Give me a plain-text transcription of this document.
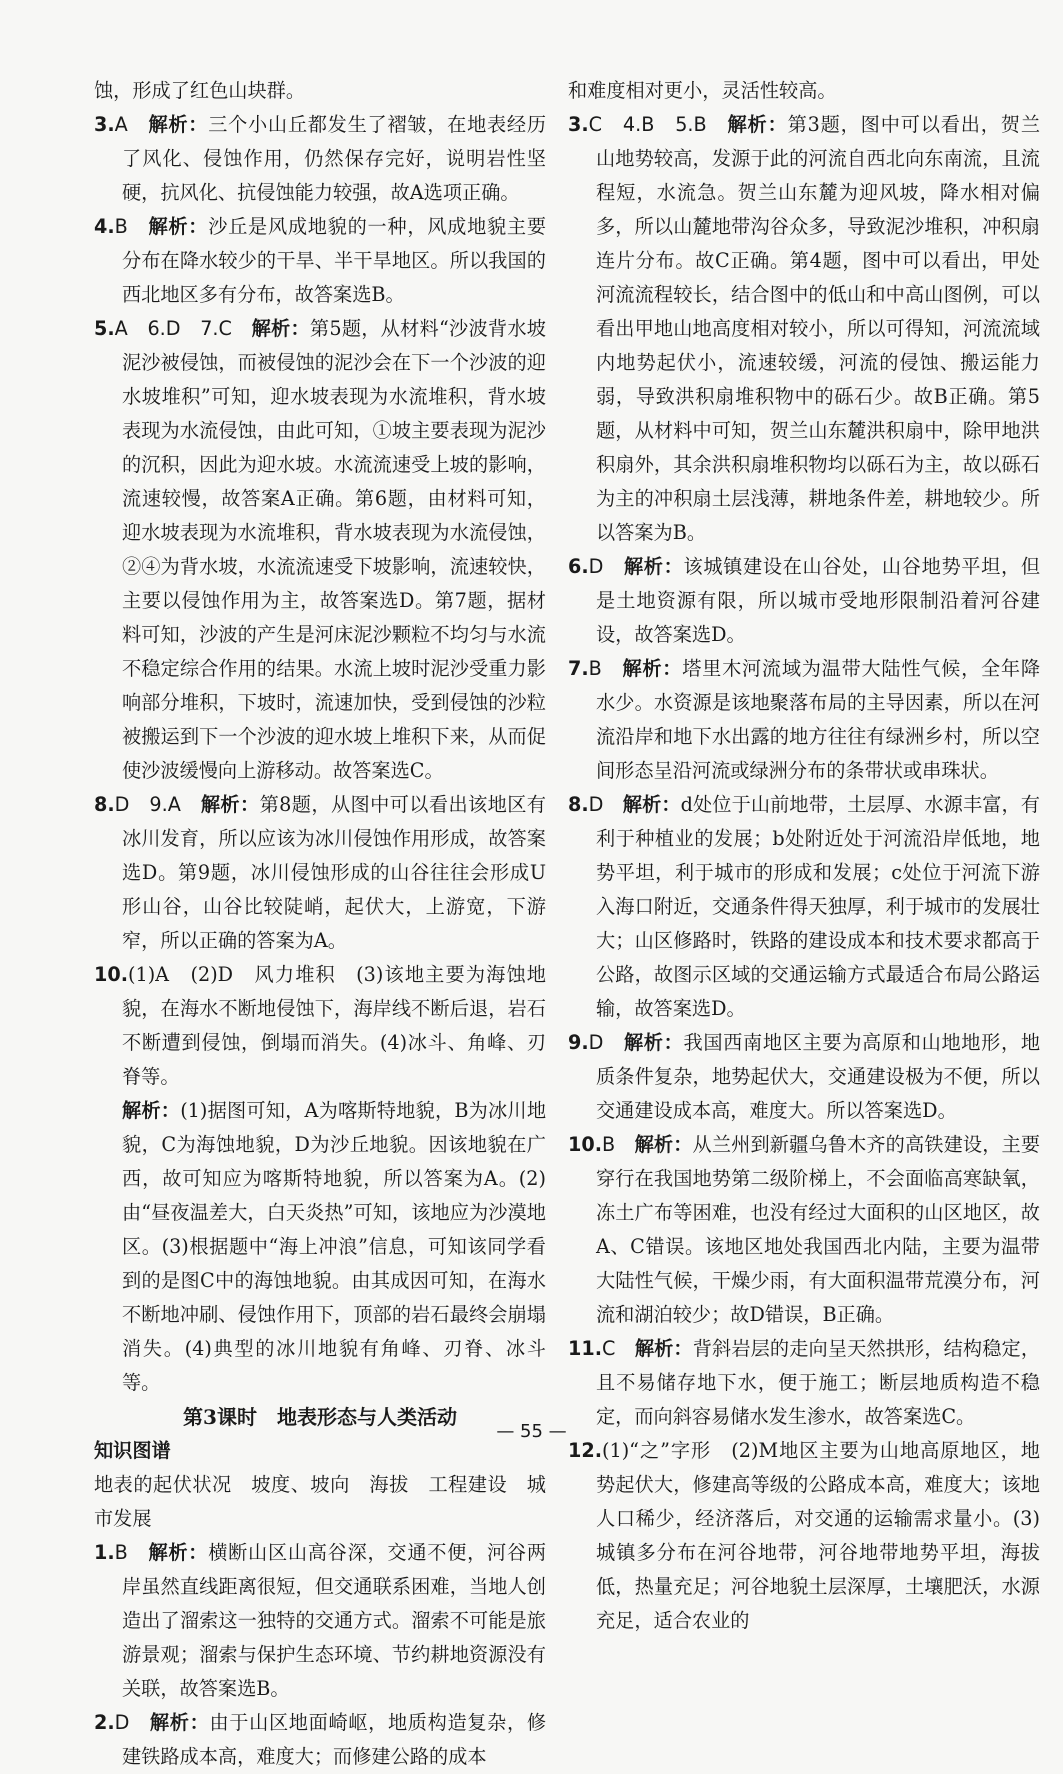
蚀，形成了红色山块群。

3.A　 解析：三个小山丘都发生了褶皱，在地表经历了风化、侵蚀作用，仍然保存完好，说明岩性坚硬，抗风化、抗侵蚀能力较强，故A选项正确。

4.B　 解析：沙丘是风成地貌的一种，风成地貌主要分布在降水较少的干旱、半干旱地区。所以我国的西北地区多有分布，故答案选B。

5.A　6.D　7.C　 解析：第5题，从材料“沙波背水坡泥沙被侵蚀，而被侵蚀的泥沙会在下一个沙波的迎水坡堆积”可知，迎水坡表现为水流堆积，背水坡表现为水流侵蚀，由此可知，①坡主要表现为泥沙的沉积，因此为迎水坡。水流流速受上坡的影响，流速较慢，故答案A正确。第6题，由材料可知，迎水坡表现为水流堆积，背水坡表现为水流侵蚀，②④为背水坡，水流流速受下坡影响，流速较快，主要以侵蚀作用为主，故答案选D。第7题，据材料可知，沙波的产生是河床泥沙颗粒不均匀与水流不稳定综合作用的结果。水流上坡时泥沙受重力影响部分堆积，下坡时，流速加快，受到侵蚀的沙粒被搬运到下一个沙波的迎水坡上堆积下来，从而促使沙波缓慢向上游移动。故答案选C。

8.D　9.A　 解析：第8题，从图中可以看出该地区有冰川发育，所以应该为冰川侵蚀作用形成，故答案选D。第9题，冰川侵蚀形成的山谷往往会形成U形山谷，山谷比较陡峭，起伏大，上游宽，下游窄，所以正确的答案为A。

10.(1)A　(2)D　风力堆积　(3)该地主要为海蚀地貌，在海水不断地侵蚀下，海岸线不断后退，岩石不断遭到侵蚀，倒塌而消失。(4)冰斗、角峰、刃脊等。

解析：(1)据图可知，A为喀斯特地貌，B为冰川地貌，C为海蚀地貌，D为沙丘地貌。因该地貌在广西，故可知应为喀斯特地貌，所以答案为A。(2)由“昼夜温差大，白天炎热”可知，该地应为沙漠地区。(3)根据题中“海上冲浪”信息，可知该同学看到的是图C中的海蚀地貌。由其成因可知，在海水不断地冲刷、侵蚀作用下，顶部的岩石最终会崩塌消失。(4)典型的冰川地貌有角峰、刃脊、冰斗等。

第3课时　地表形态与人类活动

知识图谱

地表的起伏状况　坡度、坡向　海拔　工程建设　城市发展

1.B　 解析：横断山区山高谷深，交通不便，河谷两岸虽然直线距离很短，但交通联系困难，当地人创造出了溜索这一独特的交通方式。溜索不可能是旅游景观；溜索与保护生态环境、节约耕地资源没有关联，故答案选B。

2.D　 解析：由于山区地面崎岖，地质构造复杂，修建铁路成本高，难度大；而修建公路的成本

和难度相对更小，灵活性较高。

3.C　4.B　5.B　 解析：第3题，图中可以看出，贺兰山地势较高，发源于此的河流自西北向东南流，且流程短，水流急。贺兰山东麓为迎风坡，降水相对偏多，所以山麓地带沟谷众多，导致泥沙堆积，冲积扇连片分布。故C正确。第4题，图中可以看出，甲处河流流程较长，结合图中的低山和中高山图例，可以看出甲地山地高度相对较小，所以可得知，河流流域内地势起伏小，流速较缓，河流的侵蚀、搬运能力弱，导致洪积扇堆积物中的砾石少。故B正确。第5题，从材料中可知，贺兰山东麓洪积扇中，除甲地洪积扇外，其余洪积扇堆积物均以砾石为主，故以砾石为主的冲积扇土层浅薄，耕地条件差，耕地较少。所以答案为B。

6.D　 解析：该城镇建设在山谷处，山谷地势平坦，但是土地资源有限，所以城市受地形限制沿着河谷建设，故答案选D。

7.B　 解析：塔里木河流域为温带大陆性气候，全年降水少。水资源是该地聚落布局的主导因素，所以在河流沿岸和地下水出露的地方往往有绿洲乡村，所以空间形态呈沿河流或绿洲分布的条带状或串珠状。

8.D　 解析：d处位于山前地带，土层厚、水源丰富，有利于种植业的发展；b处附近处于河流沿岸低地，地势平坦，利于城市的形成和发展；c处位于河流下游入海口附近，交通条件得天独厚，利于城市的发展壮大；山区修路时，铁路的建设成本和技术要求都高于公路，故图示区域的交通运输方式最适合布局公路运输，故答案选D。

9.D　 解析：我国西南地区主要为高原和山地地形，地质条件复杂，地势起伏大，交通建设极为不便，所以交通建设成本高，难度大。所以答案选D。

10.B　 解析：从兰州到新疆乌鲁木齐的高铁建设，主要穿行在我国地势第二级阶梯上，不会面临高寒缺氧，冻土广布等困难，也没有经过大面积的山区地区，故A、C错误。该地区地处我国西北内陆，主要为温带大陆性气候，干燥少雨，有大面积温带荒漠分布，河流和湖泊较少；故D错误，B正确。

11.C　 解析：背斜岩层的走向呈天然拱形，结构稳定，且不易储存地下水，便于施工；断层地质构造不稳定，而向斜容易储水发生渗水，故答案选C。

12.(1)“之”字形　(2)M地区主要为山地高原地区，地势起伏大，修建高等级的公路成本高，难度大；该地人口稀少，经济落后，对交通的运输需求量小。(3)城镇多分布在河谷地带，河谷地带地势平坦，海拔低，热量充足；河谷地貌土层深厚，土壤肥沃，水源充足，适合农业的

— 55 —
